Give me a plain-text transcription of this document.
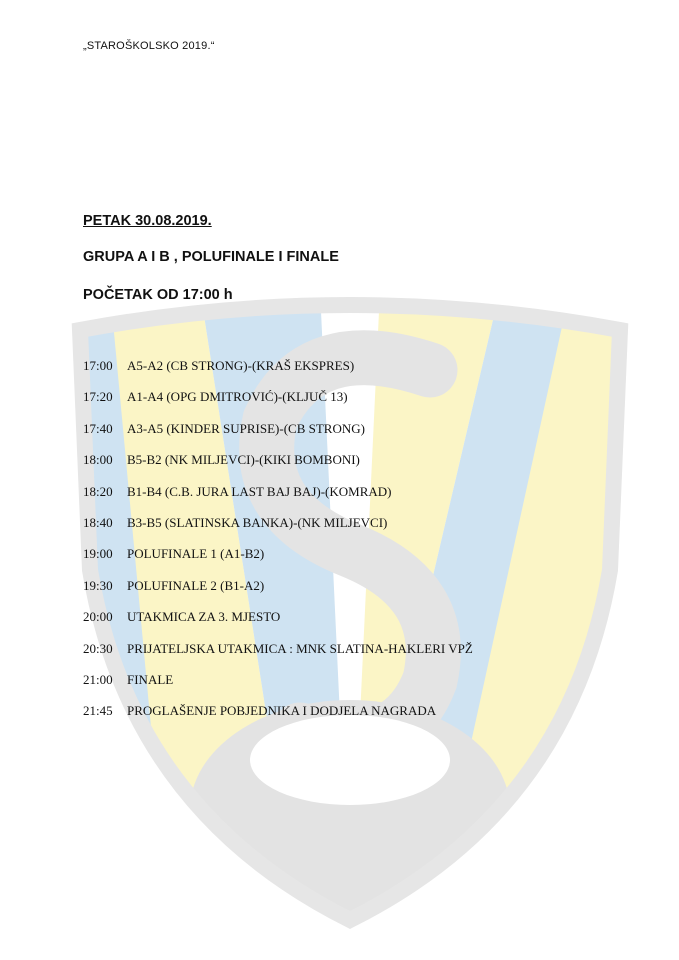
„STAROŠKOLSKO 2019.“
PETAK 30.08.2019.
GRUPA A I B , POLUFINALE I FINALE
POČETAK OD 17:00 h
17:00	A5-A2 (CB STRONG)-(KRAŠ EKSPRES)
17:20	A1-A4 (OPG DMITROVIĆ)-(KLJUČ 13)
17:40	A3-A5 (KINDER SUPRISE)-(CB STRONG)
18:00	B5-B2 (NK MILJEVCI)-(KIKI BOMBONI)
18:20	B1-B4 (C.B. JURA LAST BAJ BAJ)-(KOMRAD)
18:40	B3-B5 (SLATINSKA BANKA)-(NK MILJEVCI)
19:00	POLUFINALE 1 (A1-B2)
19:30	POLUFINALE 2 (B1-A2)
20:00	UTAKMICA ZA 3. MJESTO
20:30	PRIJATELJSKA UTAKMICA : MNK SLATINA-HAKLERI VPŽ
21:00	FINALE
21:45	PROGLAŠENJE POBJEDNIKA I DODJELA NAGRADA
